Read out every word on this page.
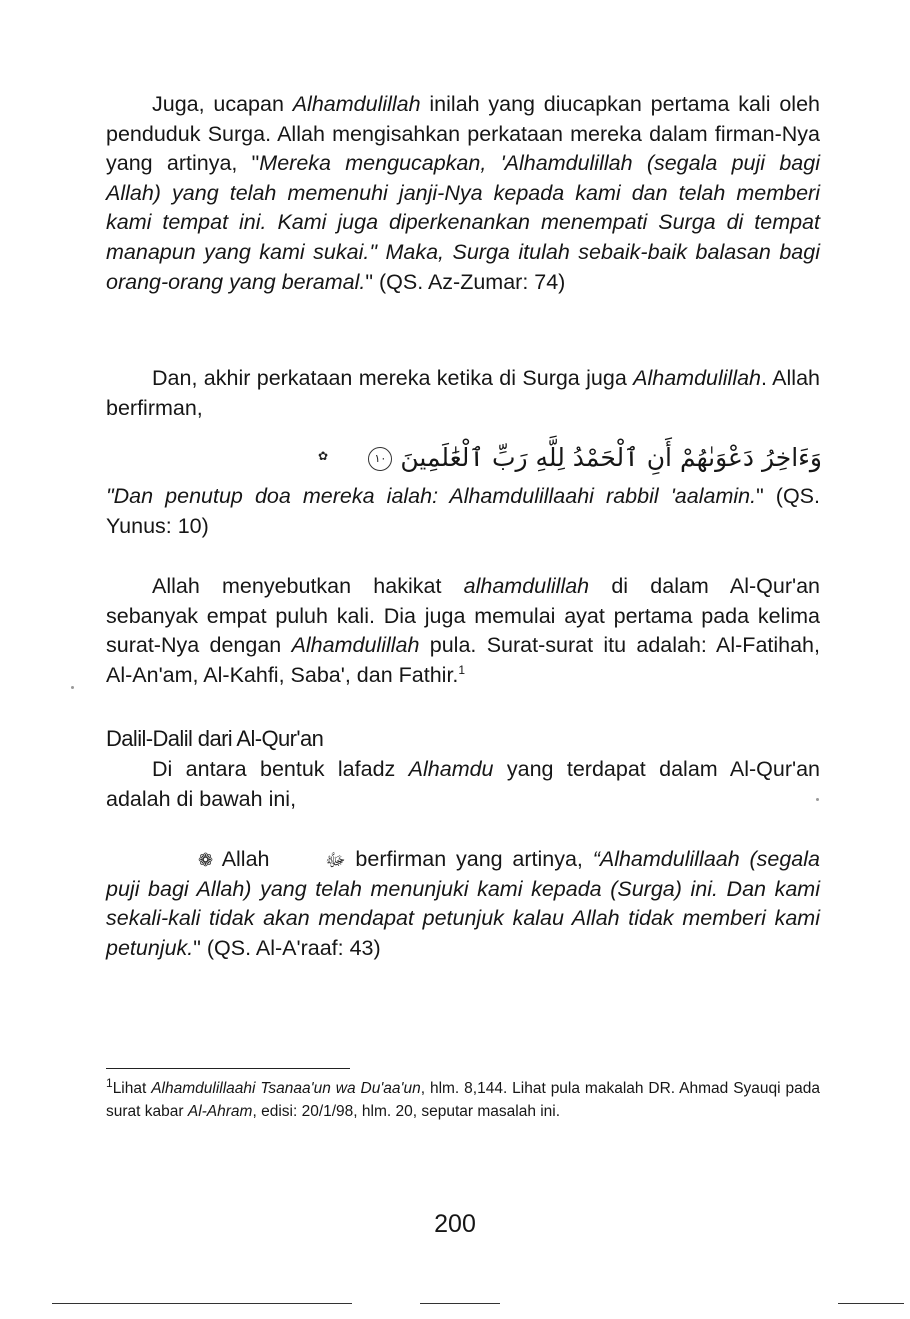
Juga, ucapan Alhamdulillah inilah yang diucapkan pertama kali oleh penduduk Surga. Allah mengisahkan perkataan mereka dalam firman-Nya yang artinya, "Mereka mengucapkan, 'Alhamdulillah (segala puji bagi Allah) yang telah memenuhi janji-Nya kepada kami dan telah memberi kami tempat ini. Kami juga diperkenankan menempati Surga di tempat manapun yang kami sukai." Maka, Surga itulah sebaik-baik balasan bagi orang-orang yang beramal." (QS. Az-Zumar: 74)

Dan, akhir perkataan mereka ketika di Surga juga Alhamdulillah. Allah berfirman,

✿	وَءَاخِرُ دَعْوَىٰهُمْ أَنِ ٱلْحَمْدُ لِلَّهِ رَبِّ ٱلْعَٰلَمِينَ ١٠

"Dan penutup doa mereka ialah: Alhamdulillaahi rabbil 'aalamin." (QS. Yunus: 10)

Allah menyebutkan hakikat alhamdulillah di dalam Al-Qur'an sebanyak empat puluh kali. Dia juga memulai ayat pertama pada kelima surat-Nya dengan Alhamdulillah pula. Surat-surat itu adalah: Al-Fatihah, Al-An'am, Al-Kahfi, Saba', dan Fathir.$^1$

Dalil-Dalil dari Al-Qur'an

Di antara bentuk lafadz Alhamdu yang terdapat dalam Al-Qur'an adalah di bawah ini,

❁ Allah	ﷻ berfirman yang artinya, “Alhamdulillaah (segala puji bagi Allah) yang telah menunjuki kami kepada (Surga) ini. Dan kami sekali-kali tidak akan mendapat petunjuk kalau Allah tidak memberi kami petunjuk." (QS. Al-A'raaf: 43)

$^1$Lihat Alhamdulillaahi Tsanaa'un wa Du'aa'un, hlm. 8,144. Lihat pula makalah DR. Ahmad Syauqi pada surat kabar Al-Ahram, edisi: 20/1/98, hlm. 20, seputar masalah ini.

200
